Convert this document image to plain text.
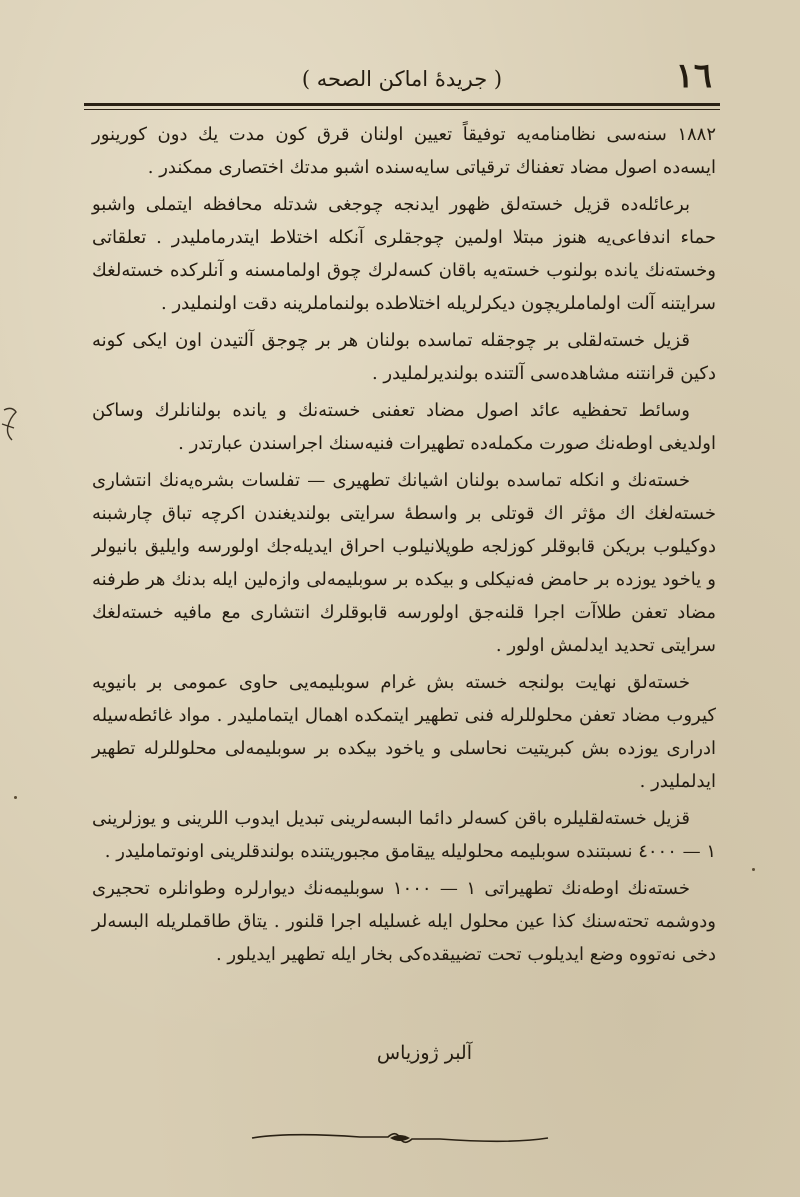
١٦
( جريدهٔ اماكن الصحه )

١٨٨٢ سنه‌سی نظامنامه‌یه توفیقاً تعیین اولنان قرق کون مدت یك دون کورینور ایسه‌ده اصول مضاد تعفناك ترقیاتی سایه‌سنده اشبو مدتك اختصاری ممکندر .

برعائله‌ده قزیل خسته‌لق ظهور ایدنجه چوجغی شدتله محافظه ایتملی واشبو حماء اندفاعی‌یه هنوز مبتلا اولمین چوجقلری آنکله اختلاط ایتدرمامليدر . تعلقاتی وخسته‌نك یانده بولنوب خسته‌یه باقان کسه‌لرك چوق اولمامسنه و آنلرکده خسته‌لغك سرایتنه آلت اولماملریچون دیکرلریله اختلاطده بولنماملرینه دقت اولنملیدر .

قزیل خسته‌لقلی بر چوجقله تماسده بولنان هر بر چوجق آلتیدن اون ایکی کونه دکین قرانتنه مشاهده‌سی آلتنده بولندیرلملیدر .

وسائط تحفظیه عائد اصول مضاد تعفنی خسته‌نك و یانده بولنانلرك وساکن اولدیغی اوطه‌نك صورت مکمله‌ده تطهیرات فنیه‌سنك اجراسندن عبارتدر .

خسته‌نك و انکله تماسده بولنان اشیانك تطهیری — تفلسات بشره‌یه‌نك انتشاری خسته‌لغك اك مؤثر اك قوتلی بر واسطهٔ سرایتی بولندیغندن اکرچه تباق چارشبنه دوکیلوب بریکن قابوقلر کوزلجه طوپلانیلوب احراق ایدیله‌جك اولورسه وایلیق بانیولر و یاخود یوزده بر حامض فه‌نیکلی و بیکده بر سوبلیمه‌لی وازه‌لین ایله بدنك هر طرفنه مضاد تعفن طلاآت اجرا قلنه‌جق اولورسه قابوقلرك انتشاری مع مافیه خسته‌لغك سرایتی تحدید ایدلمش اولور .

خسته‌لق نهایت بولنجه خسته بش غرام سوبلیمه‌یی حاوی عمومی بر بانیویه کیروب مضاد تعفن محلوللرله فنی تطهیر ایتمکده اهمال ایتماملیدر . مواد غائطه‌سیله ادراری یوزده بش کبریتیت نحاسلی و یاخود بیکده بر سوبلیمه‌لی محلوللرله تطهیر ایدلملیدر .

قزیل خسته‌لقلیلره باقن کسه‌لر دائما البسه‌لرینی تبدیل ایدوب اللرینی و یوزلرینی ١ — ٤٠٠٠ نسبتنده سوبلیمه محلولیله ییقامق مجبوریتنده بولندقلرینی اونوتماملیدر .

خسته‌نك اوطه‌نك تطهیراتی ١ — ١٠٠٠ سوبلیمه‌نك دیوارلره وطوانلره تحجیری ودوشمه تحته‌سنك کذا عین محلول ایله غسلیله اجرا قلنور . یتاق طاقملریله البسه‌لر دخی نه‌تووه وضع ایدیلوب تحت تضییقده‌کی بخار ایله تطهیر ایدیلور .

آلبر ژوزیاس
